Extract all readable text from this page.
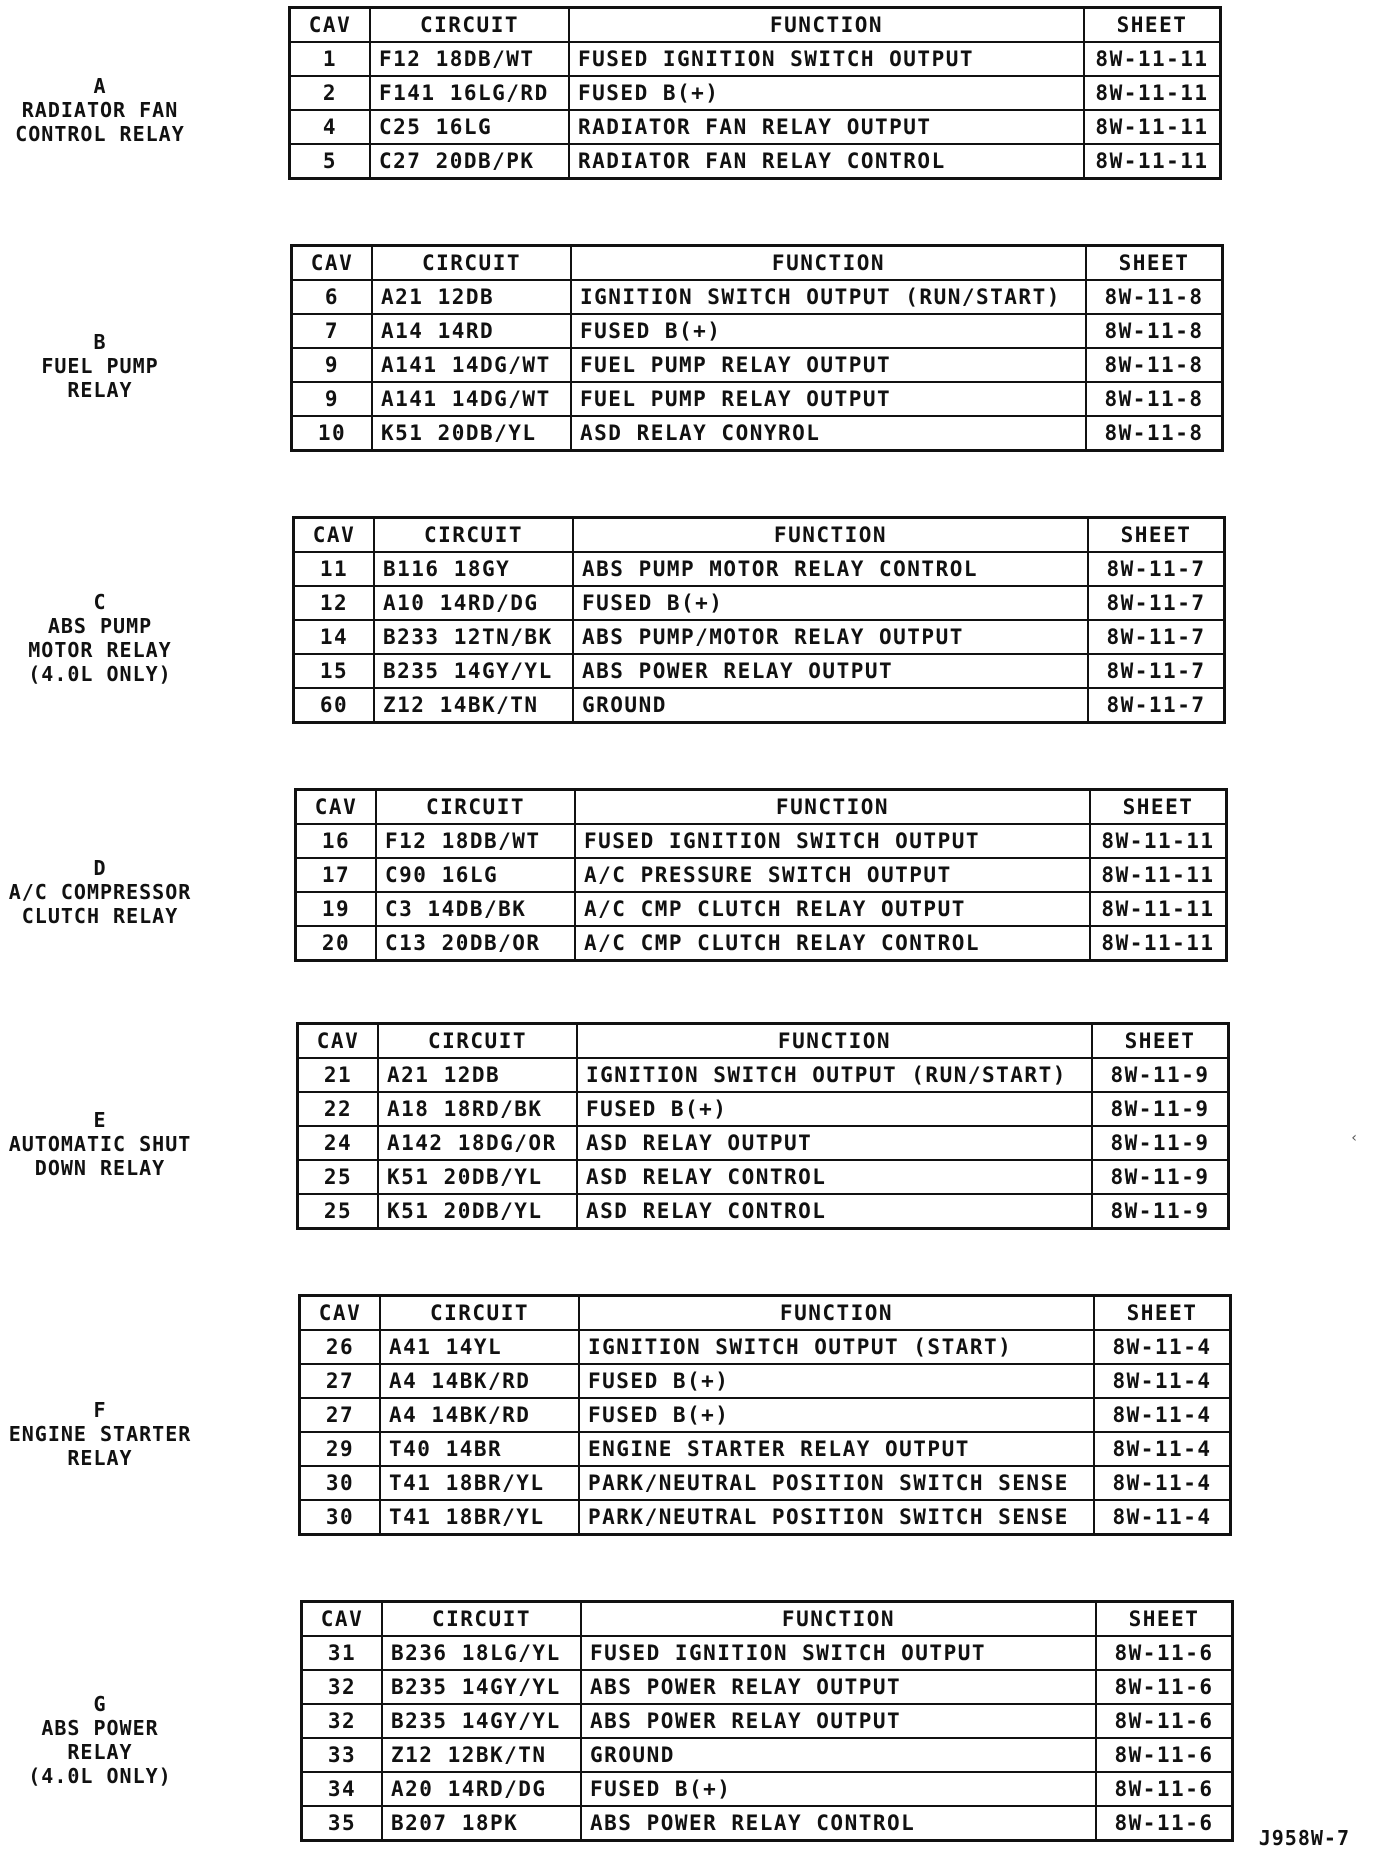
A
RADIATOR FAN
CONTROL RELAY
CAV	CIRCUIT	FUNCTION	SHEET
1	F12 18DB/WT	FUSED IGNITION SWITCH OUTPUT	8W-11-11
2	F141 16LG/RD	FUSED B(+)	8W-11-11
4	C25 16LG	RADIATOR FAN RELAY OUTPUT	8W-11-11
5	C27 20DB/PK	RADIATOR FAN RELAY CONTROL	8W-11-11
B
FUEL PUMP
RELAY
CAV	CIRCUIT	FUNCTION	SHEET
6	A21 12DB	IGNITION SWITCH OUTPUT (RUN/START)	8W-11-8
7	A14 14RD	FUSED B(+)	8W-11-8
9	A141 14DG/WT	FUEL PUMP RELAY OUTPUT	8W-11-8
9	A141 14DG/WT	FUEL PUMP RELAY OUTPUT	8W-11-8
10	K51 20DB/YL	ASD RELAY CONYROL	8W-11-8
C
ABS PUMP
MOTOR RELAY
(4.0L ONLY)
CAV	CIRCUIT	FUNCTION	SHEET
11	B116 18GY	ABS PUMP MOTOR RELAY CONTROL	8W-11-7
12	A10 14RD/DG	FUSED B(+)	8W-11-7
14	B233 12TN/BK	ABS PUMP/MOTOR RELAY OUTPUT	8W-11-7
15	B235 14GY/YL	ABS POWER RELAY OUTPUT	8W-11-7
60	Z12 14BK/TN	GROUND	8W-11-7
D
A/C COMPRESSOR
CLUTCH RELAY
CAV	CIRCUIT	FUNCTION	SHEET
16	F12 18DB/WT	FUSED IGNITION SWITCH OUTPUT	8W-11-11
17	C90 16LG	A/C PRESSURE SWITCH OUTPUT	8W-11-11
19	C3 14DB/BK	A/C CMP CLUTCH RELAY OUTPUT	8W-11-11
20	C13 20DB/OR	A/C CMP CLUTCH RELAY CONTROL	8W-11-11
E
AUTOMATIC SHUT
DOWN RELAY
CAV	CIRCUIT	FUNCTION	SHEET
21	A21 12DB	IGNITION SWITCH OUTPUT (RUN/START)	8W-11-9
22	A18 18RD/BK	FUSED B(+)	8W-11-9
24	A142 18DG/OR	ASD RELAY OUTPUT	8W-11-9
25	K51 20DB/YL	ASD RELAY CONTROL	8W-11-9
25	K51 20DB/YL	ASD RELAY CONTROL	8W-11-9
F
ENGINE STARTER
RELAY
CAV	CIRCUIT	FUNCTION	SHEET
26	A41 14YL	IGNITION SWITCH OUTPUT (START)	8W-11-4
27	A4 14BK/RD	FUSED B(+)	8W-11-4
27	A4 14BK/RD	FUSED B(+)	8W-11-4
29	T40 14BR	ENGINE STARTER RELAY OUTPUT	8W-11-4
30	T41 18BR/YL	PARK/NEUTRAL POSITION SWITCH SENSE	8W-11-4
30	T41 18BR/YL	PARK/NEUTRAL POSITION SWITCH SENSE	8W-11-4
G
ABS POWER
RELAY
(4.0L ONLY)
CAV	CIRCUIT	FUNCTION	SHEET
31	B236 18LG/YL	FUSED IGNITION SWITCH OUTPUT	8W-11-6
32	B235 14GY/YL	ABS POWER RELAY OUTPUT	8W-11-6
32	B235 14GY/YL	ABS POWER RELAY OUTPUT	8W-11-6
33	Z12 12BK/TN	GROUND	8W-11-6
34	A20 14RD/DG	FUSED B(+)	8W-11-6
35	B207 18PK	ABS POWER RELAY CONTROL	8W-11-6
‹
J958W-7
